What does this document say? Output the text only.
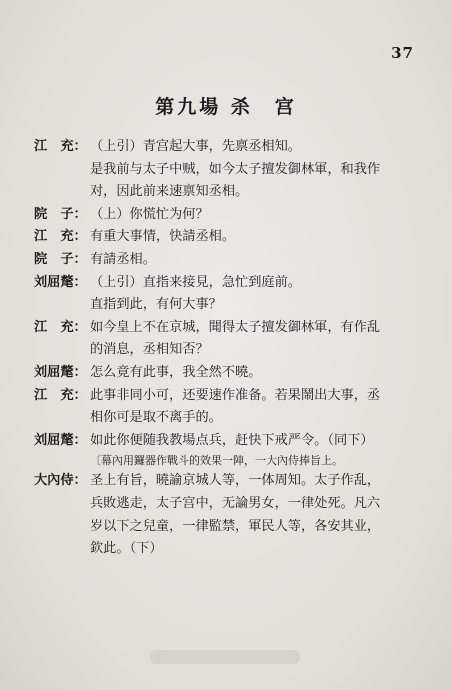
37
第九場 杀　宫
江　充： （上引）青宫起大事，先禀丞相知。
是我前与太子中贼，如今太子擅发御林軍，和我作
对，因此前来速禀知丞相。
院　子： （上）你慌忙为何？
江　充： 有重大事情，快請丞相。
院　子： 有請丞相。
刘屈氂： （上引）直指来接見，急忙到庭前。
直指到此，有何大事？
江　充： 如今皇上不在京城，聞得太子擅发御林軍，有作乱
的消息，丞相知否？
刘屈氂： 怎么竟有此事，我全然不曉。
江　充： 此事非同小可，还要速作准备。若果鬧出大事，丞
相你可是取不离手的。
刘屈氂： 如此你便随我教場点兵，赶快下戒严令。（同下）
〔幕內用鑼器作戰斗的效果一陣，一大內侍捧旨上。
大內侍： 圣上有旨，曉諭京城人等，一体周知。太子作乱，
兵敗逃走，太子宫中，无論男女，一律处死。凡六
岁以下之兒童，一律監禁，軍民人等，各安其业，
欽此。（下）
